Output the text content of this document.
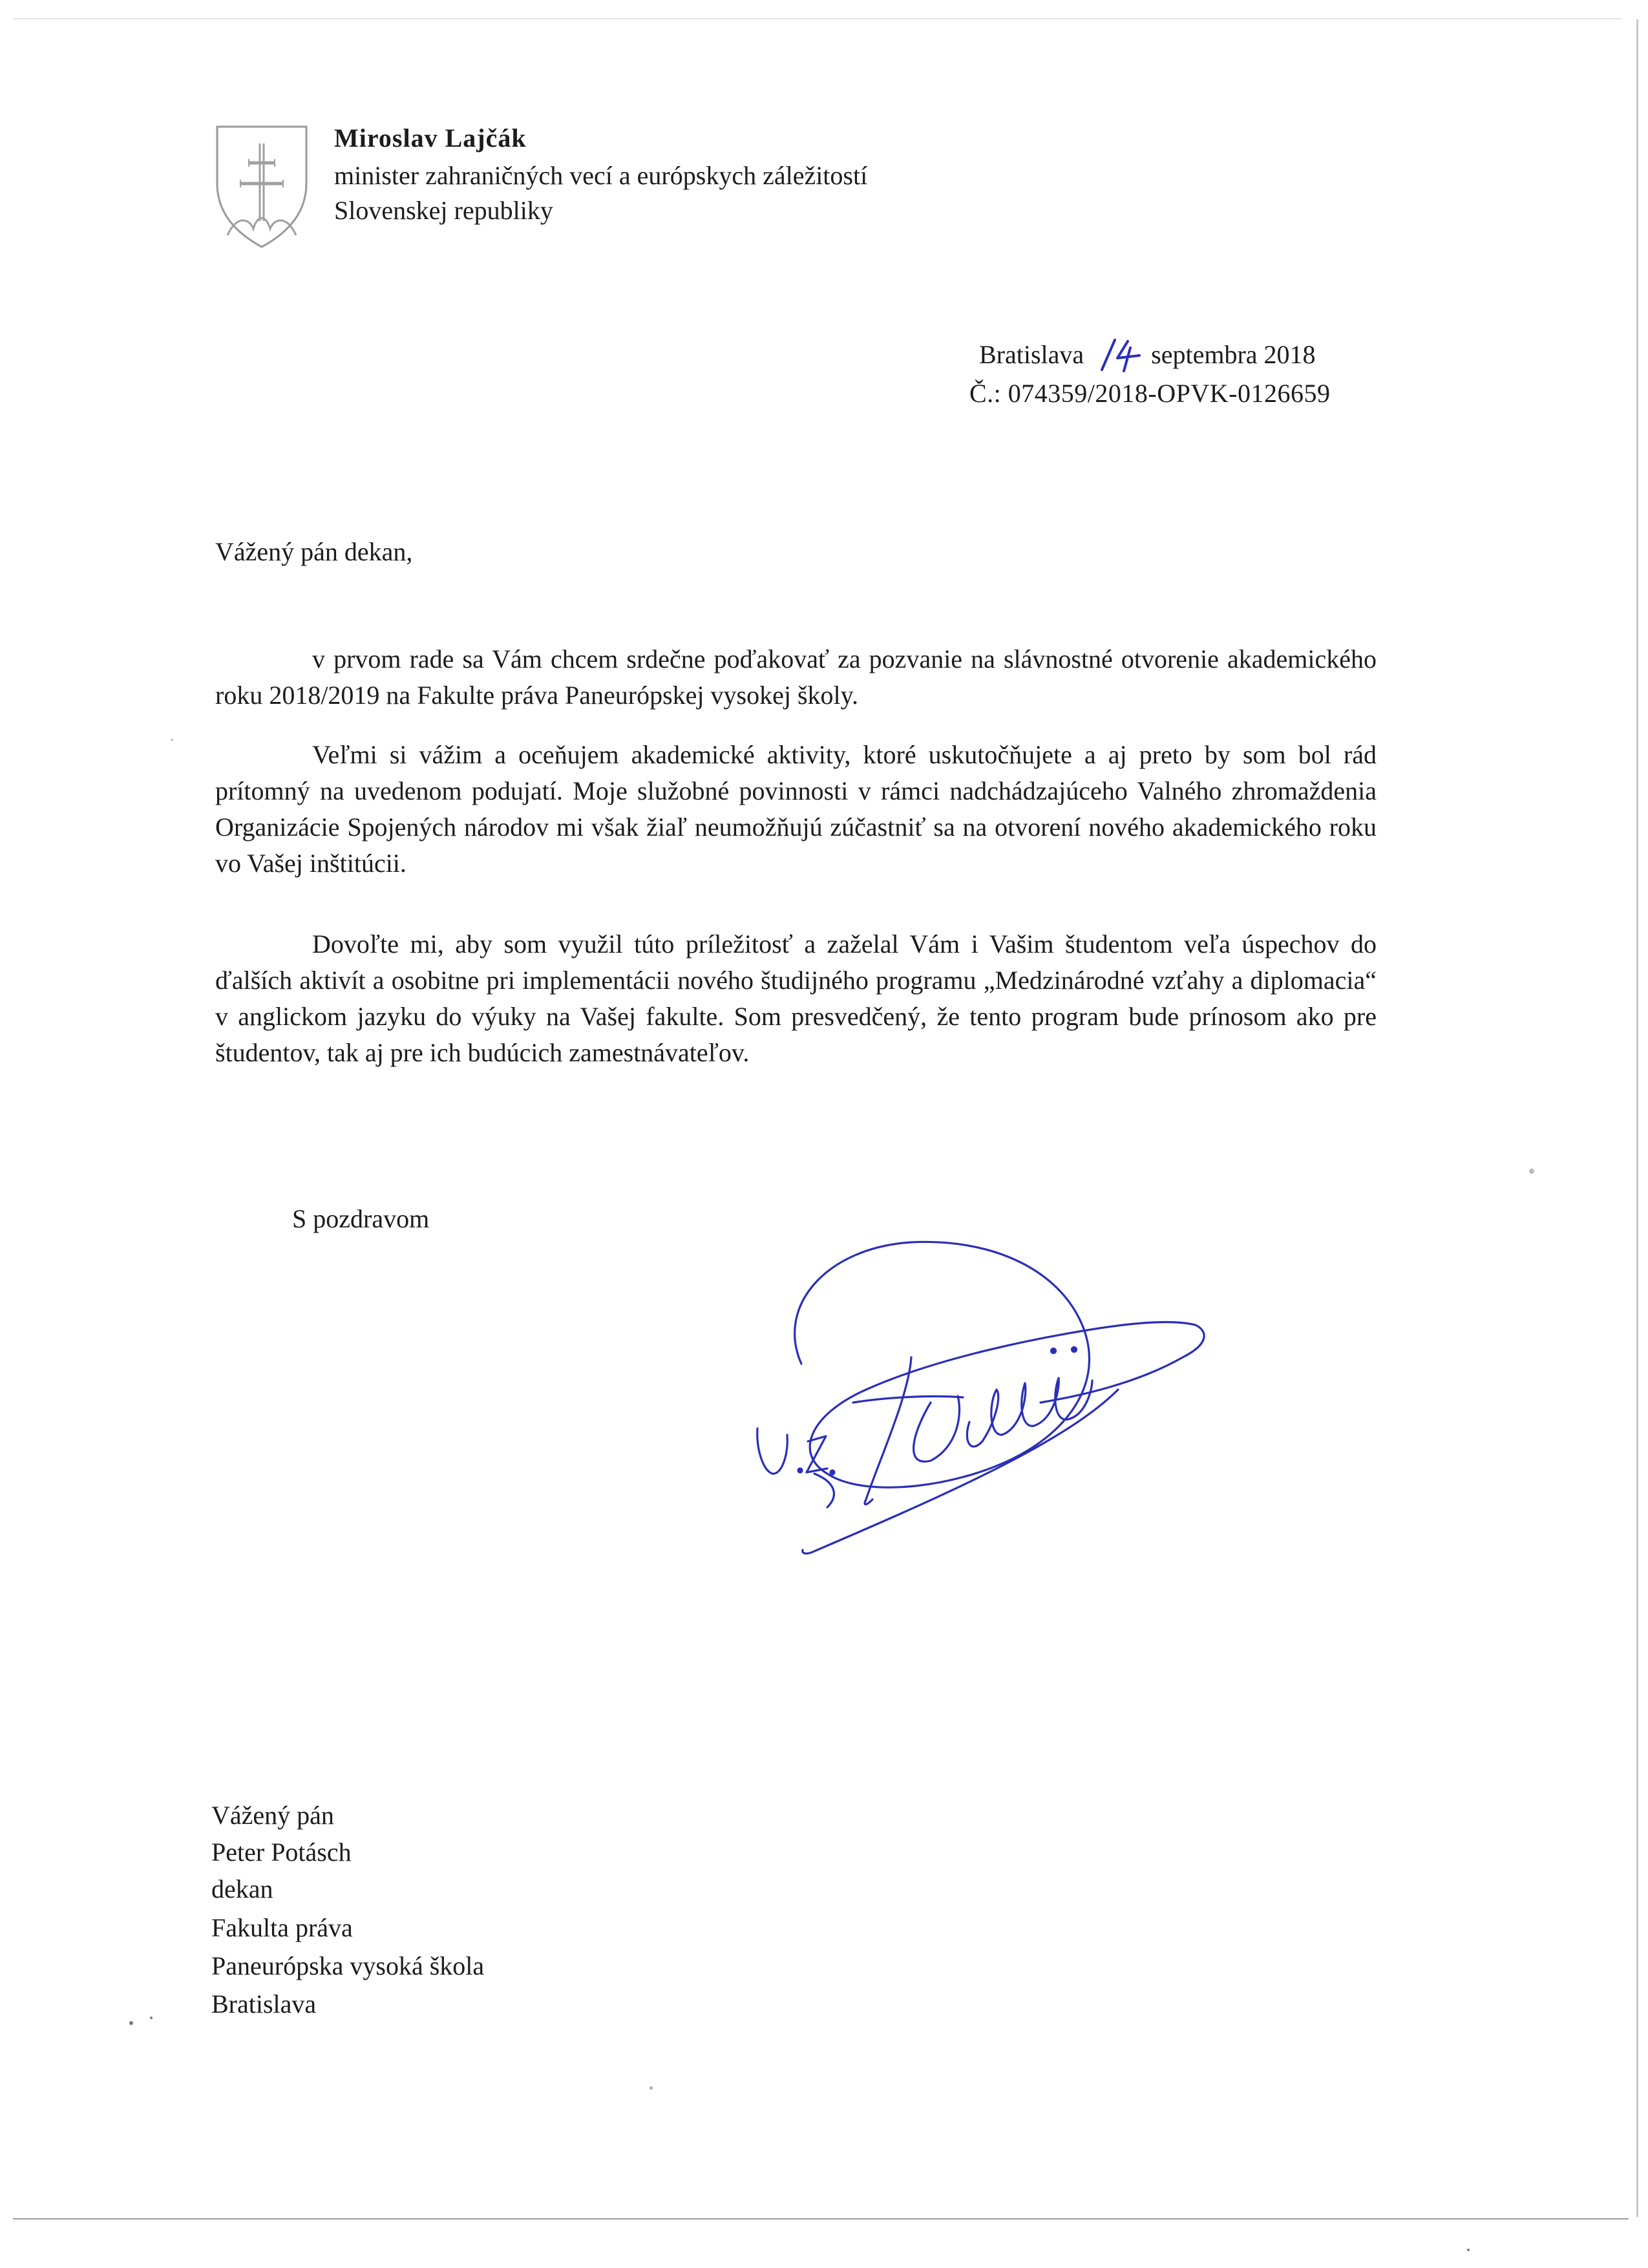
Miroslav Lajčák
minister zahraničných vecí a európskych záležitostí
Slovenskej republiky
Bratislava	septembra 2018
Č.: 074359/2018-OPVK-0126659
Vážený pán dekan,

v prvom rade sa Vám chcem srdečne poďakovať za pozvanie na slávnostné otvorenie akademického roku 2018/2019 na Fakulte práva Paneurópskej vysokej školy.

Veľmi si vážim a oceňujem akademické aktivity, ktoré uskutočňujete a aj preto by som bol rád prítomný na uvedenom podujatí. Moje služobné povinnosti v rámci nadchádzajúceho Valného zhromaždenia Organizácie Spojených národov mi však žiaľ neumožňujú zúčastniť sa na otvorení nového akademického roku vo Vašej inštitúcii.

Dovoľte mi, aby som využil túto príležitosť a zaželal Vám i Vašim študentom veľa úspechov do ďalších aktivít a osobitne pri implementácii nového študijného programu „Medzinárodné vzťahy a diplomacia“ v anglickom jazyku do výuky na Vašej fakulte. Som presvedčený, že tento program bude prínosom ako pre študentov, tak aj pre ich budúcich zamestnávateľov.

S pozdravom
Vážený pán
Peter Potásch
dekan
Fakulta práva
Paneurópska vysoká škola
Bratislava
